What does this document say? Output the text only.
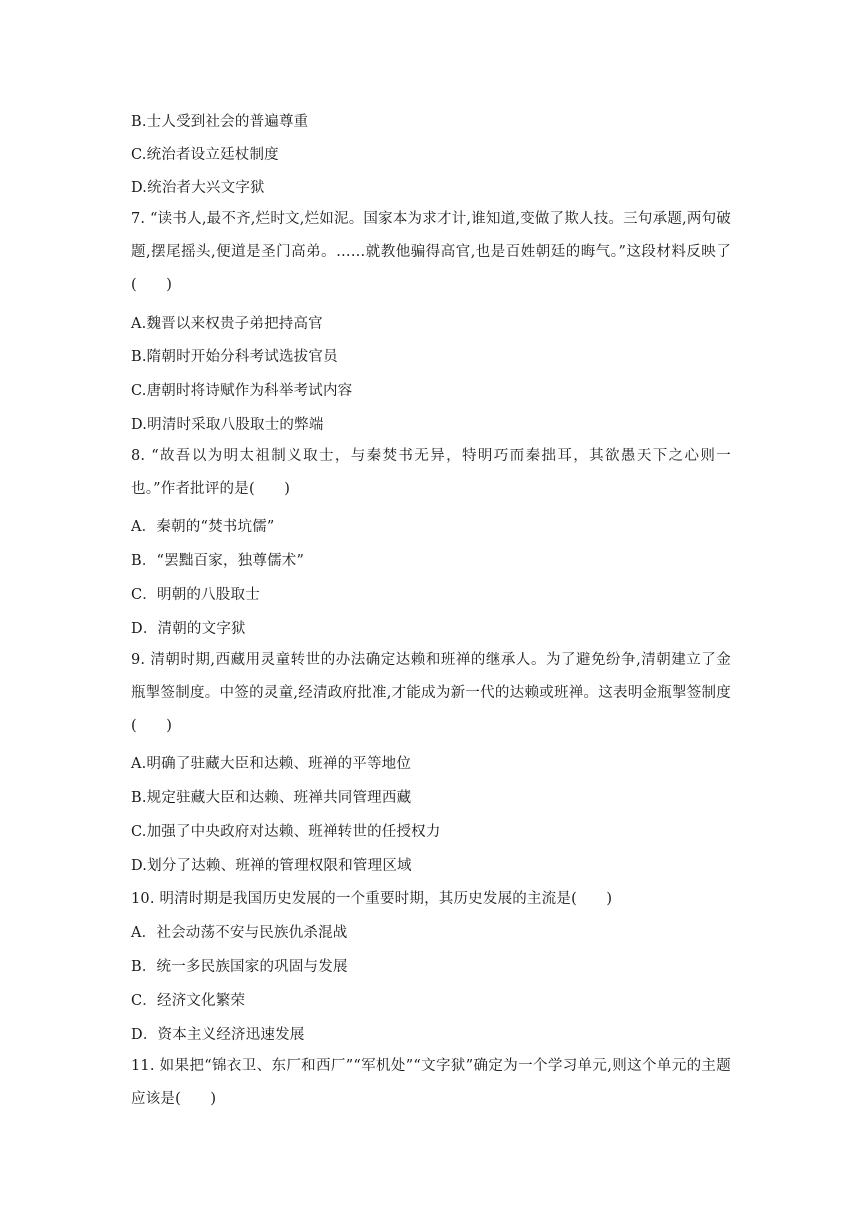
B.士人受到社会的普遍尊重
C.统治者设立廷杖制度
D.统治者大兴文字狱
7. “读书人,最不齐,烂时文,烂如泥。国家本为求才计,谁知道,变做了欺人技。三句承题,两句破题,摆尾摇头,便道是圣门高弟。……就教他骗得高官,也是百姓朝廷的晦气。”这段材料反映了(　　)
A.魏晋以来权贵子弟把持高官
B.隋朝时开始分科考试选拔官员
C.唐朝时将诗赋作为科举考试内容
D.明清时采取八股取士的弊端
8. “故吾以为明太祖制义取士，与秦焚书无异，特明巧而秦拙耳，其欲愚天下之心则一也。”作者批评的是(　　)
A．秦朝的“焚书坑儒”
B．“罢黜百家，独尊儒术”
C．明朝的八股取士
D．清朝的文字狱
9. 清朝时期,西藏用灵童转世的办法确定达赖和班禅的继承人。为了避免纷争,清朝建立了金瓶掣签制度。中签的灵童,经清政府批准,才能成为新一代的达赖或班禅。这表明金瓶掣签制度(　　)
A.明确了驻藏大臣和达赖、班禅的平等地位
B.规定驻藏大臣和达赖、班禅共同管理西藏
C.加强了中央政府对达赖、班禅转世的任授权力
D.划分了达赖、班禅的管理权限和管理区域
10. 明清时期是我国历史发展的一个重要时期，其历史发展的主流是(　　)
A．社会动荡不安与民族仇杀混战
B．统一多民族国家的巩固与发展
C．经济文化繁荣
D．资本主义经济迅速发展
11. 如果把“锦衣卫、东厂和西厂”“军机处”“文字狱”确定为一个学习单元,则这个单元的主题应该是(　　)
